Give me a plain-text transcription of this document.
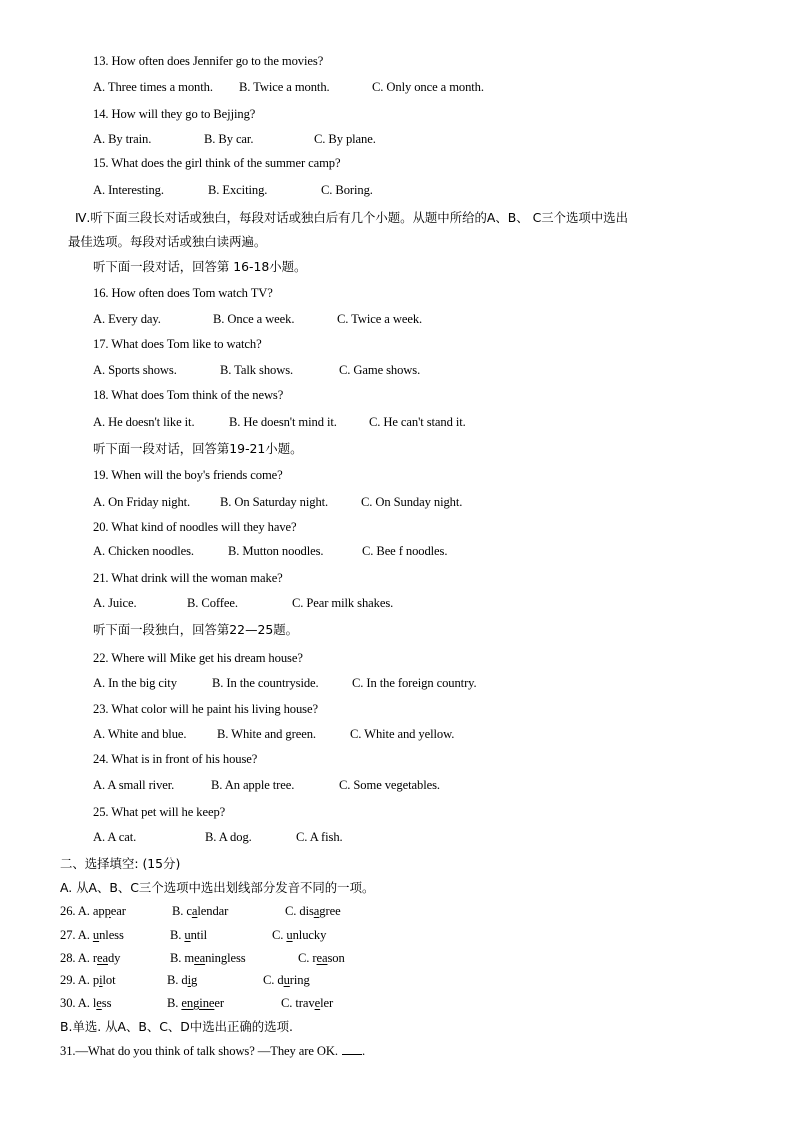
13. How often does Jennifer go to the movies?
A. Three times a month. B. Twice a month.	C. Only once a month.
14. How will they go to Bejjing?
A. By train.	B. By car.	C. By plane.
15. What does the girl think of the summer camp?
A. Interesting.	B. Exciting.	C. Boring.
Ⅳ.听下面三段长对话或独白，每段对话或独白后有几个小题。从题中所给的A、B、 C三个选项中选出
最佳选项。每段对话或独白读两遍。
听下面一段对话，回答第 16-18小题。
16. How often does Tom watch TV?
A. Every day.	B. Once a week.	C. Twice a week.
17. What does Tom like to watch?
A. Sports shows.	B. Talk shows.	C. Game shows.
18. What does Tom think of the news?
A. He doesn't like it.	B. He doesn't mind it.	C. He can't stand it.
听下面一段对话，回答第19-21小题。
19. When will the boy's friends come?
A. On Friday night. B. On Saturday night.	C. On Sunday night.
20. What kind of noodles will they have?
A. Chicken noodles.	B. Mutton noodles.	C. Bee f noodles.
21. What drink will the woman make?
A. Juice.	B. Coffee.	C. Pear milk shakes.
听下面一段独白，回答第22—25题。
22. Where will Mike get his dream house?
A. In the big city	B. In the countryside.	C. In the foreign country.
23. What color will he paint his living house?
A. White and blue. B. White and green.	C. White and yellow.
24. What is in front of his house?
A. A small river.	B. An apple tree.	C. Some vegetables.
25. What pet will he keep?
A. A cat.	B. A dog.	C. A fish.
二、选择填空: (15分)
A. 从A、B、C三个选项中选出划线部分发音不同的一项。
26. A. appear	B. calendar	C. disagree
27. A. unless	B. until	C. unlucky
28. A. ready	B. meaningless	C. reason
29. A. pilot	B. dig	C. during
30. A. less	B. engineer	C. traveler
B.单选. 从A、B、C、D中选出正确的选项.
31.—What do you think of talk shows? —They are OK. .
